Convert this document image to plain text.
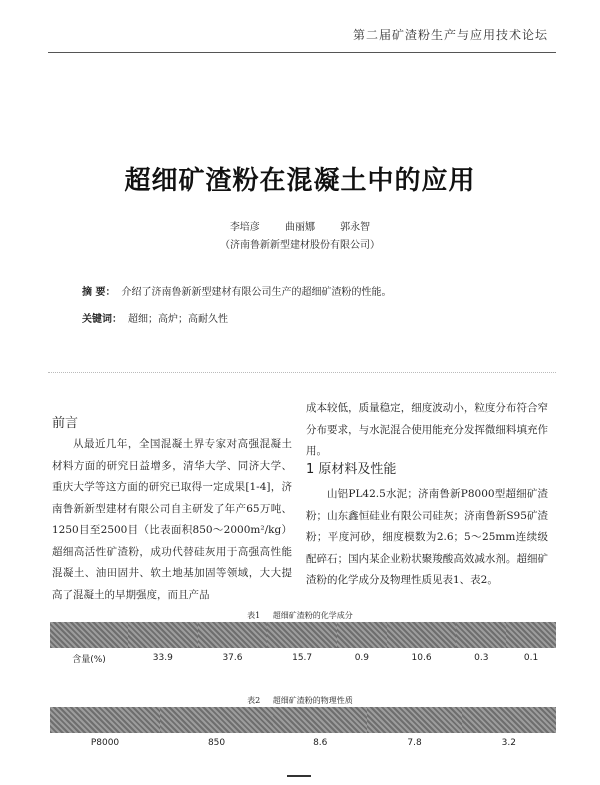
第二届矿渣粉生产与应用技术论坛
超细矿渣粉在混凝土中的应用
李培彦 曲丽娜 郭永智
（济南鲁新新型建材股份有限公司）
摘 要： 介绍了济南鲁新新型建材有限公司生产的超细矿渣粉的性能。
关键词： 超细；高炉；高耐久性
前言
从最近几年，全国混凝土界专家对高强混凝土材料方面的研究日益增多，清华大学、同济大学、重庆大学等这方面的研究已取得一定成果[1-4]，济南鲁新新型建材有限公司自主研发了年产65万吨、1250目至2500目（比表面积850～2000m²/kg）超细高活性矿渣粉，成功代替硅灰用于高强高性能混凝土、油田固井、软土地基加固等领域，大大提高了混凝土的早期强度，而且产品
成本较低，质量稳定，细度波动小，粒度分布符合窄分布要求，与水泥混合使用能充分发挥微细料填充作用。
1 原材料及性能
山铝PL42.5水泥；济南鲁新P8000型超细矿渣粉；山东鑫恒硅业有限公司硅灰；济南鲁新S95矿渣粉；平度河砂，细度模数为2.6；5～25mm连续级配碎石；国内某企业粉状聚羧酸高效减水剂。超细矿渣粉的化学成分及物理性质见表1、表2。
表1 超细矿渣粉的化学成分

含量(%)	33.9	37.6	15.7	0.9	10.6	0.3	0.1
表2 超细矿渣粉的物理性质

P8000	850	8.6	7.8	3.2
